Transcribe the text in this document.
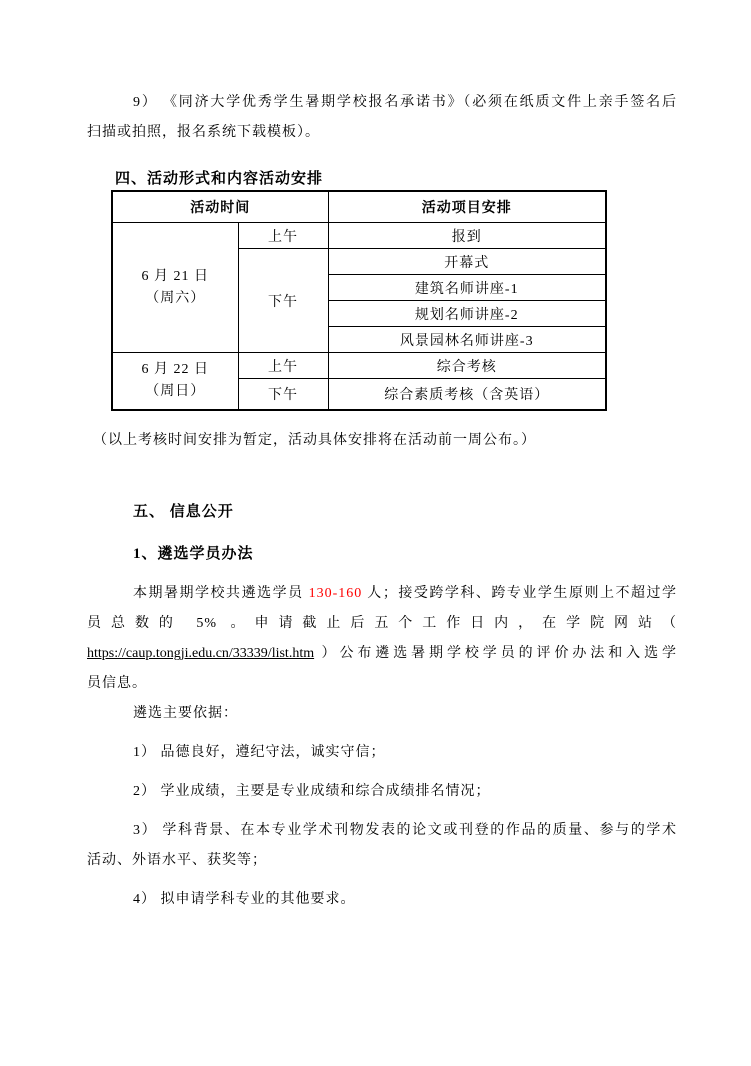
9） 《同济大学优秀学生暑期学校报名承诺书》（必须在纸质文件上亲手签名后
扫描或拍照，报名系统下载模板）。
四、活动形式和内容活动安排
活动时间		活动项目安排

6 月 21 日
（周六）	上午	报到
	下午	开幕式
		建筑名师讲座-1
		规划名师讲座-2
		风景园林名师讲座-3

6 月 22 日
（周日）	上午	综合考核
	下午	综合素质考核（含英语）
（以上考核时间安排为暂定，活动具体安排将在活动前一周公布。）
五、 信息公开
1、遴选学员办法
本期暑期学校共遴选学员 130-160 人；接受跨学科、跨专业学生原则上不超过学
员总数的 5% 。申请截止后五个工作日内，在学院网站（
https://caup.tongji.edu.cn/33339/list.htm ）公布遴选暑期学校学员的评价办法和入选学
员信息。
遴选主要依据：
1） 品德良好，遵纪守法，诚实守信；
2） 学业成绩，主要是专业成绩和综合成绩排名情况；
3） 学科背景、在本专业学术刊物发表的论文或刊登的作品的质量、参与的学术
活动、外语水平、获奖等；
4） 拟申请学科专业的其他要求。
